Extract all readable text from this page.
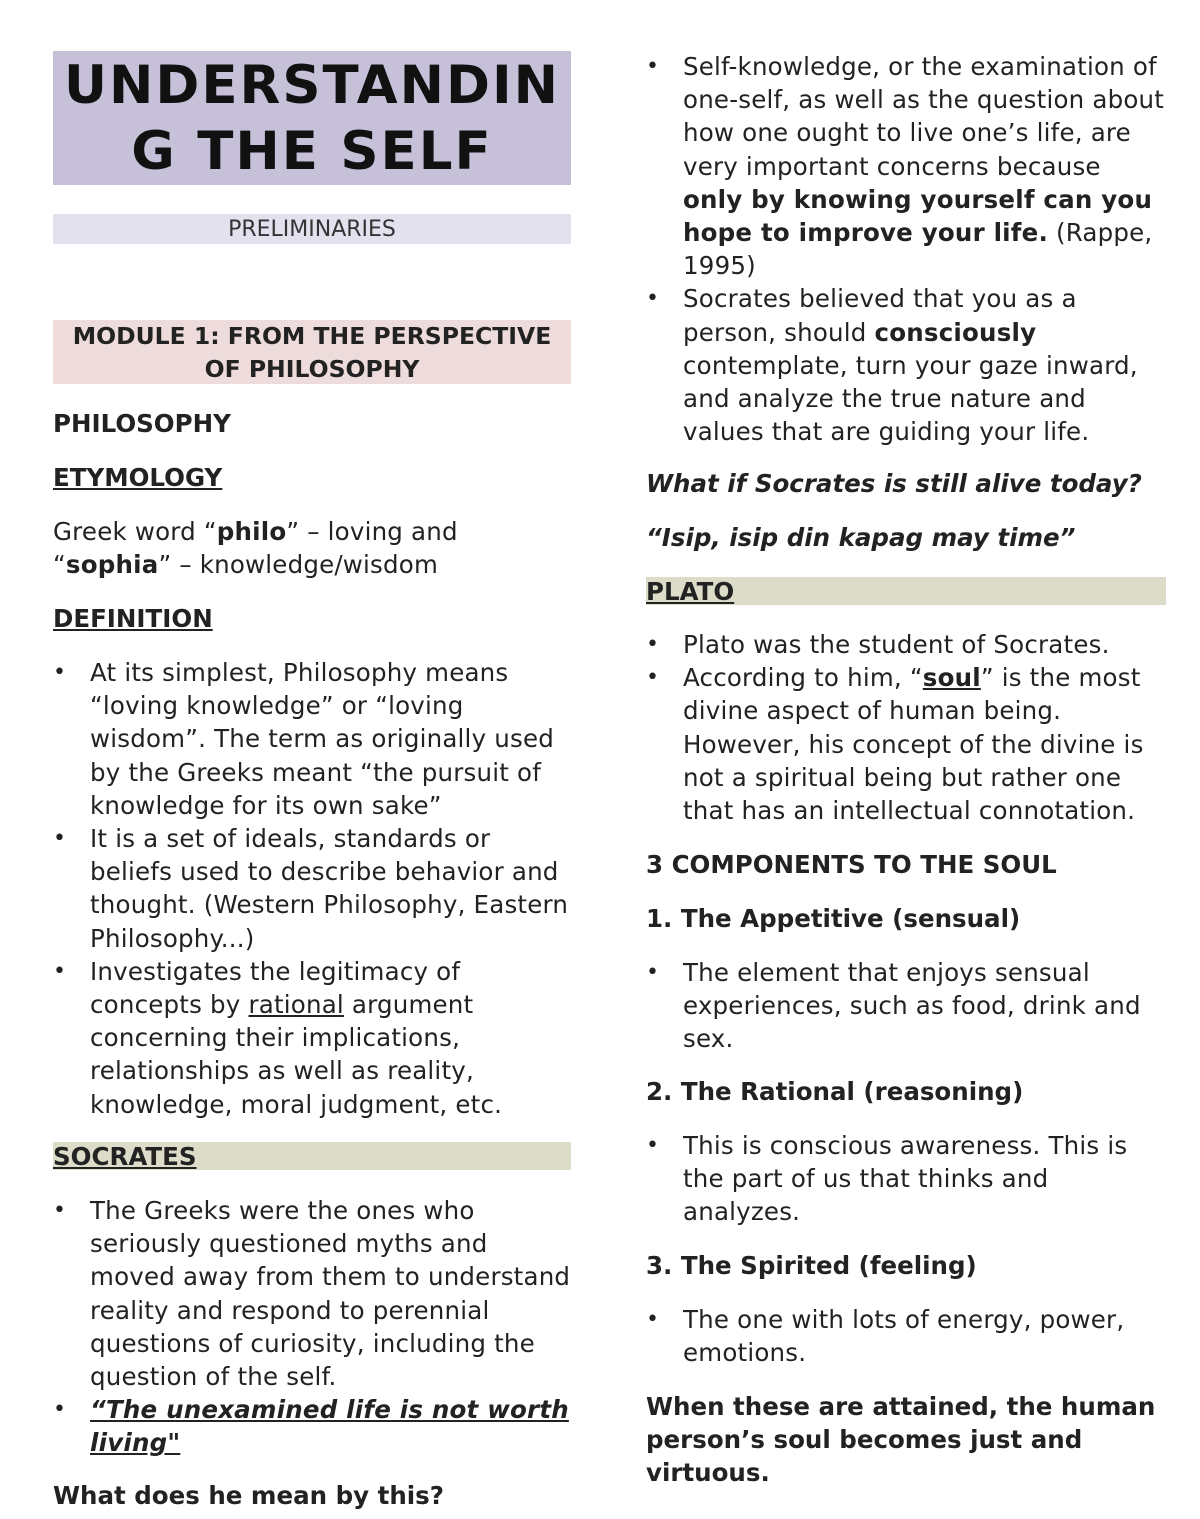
UNDERSTANDIN
G THE SELF
PRELIMINARIES
MODULE 1: FROM THE PERSPECTIVE
OF PHILOSOPHY
PHILOSOPHY
ETYMOLOGY
Greek word “philo” – loving and
“sophia” – knowledge/wisdom
DEFINITION
• At its simplest, Philosophy means “loving knowledge” or “loving wisdom”. The term as originally used by the Greeks meant “the pursuit of knowledge for its own sake”
• It is a set of ideals, standards or beliefs used to describe behavior and thought. (Western Philosophy, Eastern Philosophy...)
• Investigates the legitimacy of concepts by rational argument concerning their implications, relationships as well as reality, knowledge, moral judgment, etc.
SOCRATES
• The Greeks were the ones who seriously questioned myths and moved away from them to understand reality and respond to perennial questions of curiosity, including the question of the self.
• “The unexamined life is not worth living"
What does he mean by this?
• Self-knowledge, or the examination of one-self, as well as the question about how one ought to live one’s life, are very important concerns because only by knowing yourself can you hope to improve your life. (Rappe, 1995)
• Socrates believed that you as a person, should consciously contemplate, turn your gaze inward, and analyze the true nature and values that are guiding your life.
What if Socrates is still alive today?
“Isip, isip din kapag may time”
PLATO
• Plato was the student of Socrates.
• According to him, “soul” is the most divine aspect of human being. However, his concept of the divine is not a spiritual being but rather one that has an intellectual connotation.
3 COMPONENTS TO THE SOUL
1. The Appetitive (sensual)
• The element that enjoys sensual experiences, such as food, drink and sex.
2. The Rational (reasoning)
• This is conscious awareness. This is the part of us that thinks and analyzes.
3. The Spirited (feeling)
• The one with lots of energy, power, emotions.
When these are attained, the human person’s soul becomes just and virtuous.
